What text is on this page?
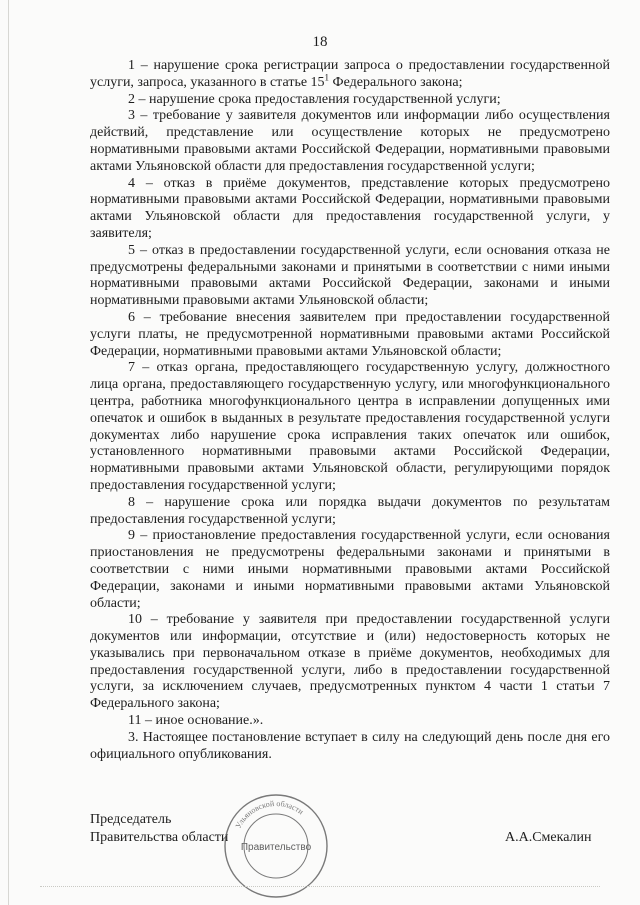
18

1 – нарушение срока регистрации запроса о предоставлении государственной услуги, запроса, указанного в статье $15^1$ Федерального закона;

2 – нарушение срока предоставления государственной услуги;

3 – требование у заявителя документов или информации либо осуществления действий, представление или осуществление которых не предусмотрено нормативными правовыми актами Российской Федерации, нормативными правовыми актами Ульяновской области для предоставления государственной услуги;

4 – отказ в приёме документов, представление которых предусмотрено нормативными правовыми актами Российской Федерации, нормативными правовыми актами Ульяновской области для предоставления государственной услуги, у заявителя;

5 – отказ в предоставлении государственной услуги, если основания отказа не предусмотрены федеральными законами и принятыми в соответствии с ними иными нормативными правовыми актами Российской Федерации, законами и иными нормативными правовыми актами Ульяновской области;

6 – требование внесения заявителем при предоставлении государственной услуги платы, не предусмотренной нормативными правовыми актами Российской Федерации, нормативными правовыми актами Ульяновской области;

7 – отказ органа, предоставляющего государственную услугу, должностного лица органа, предоставляющего государственную услугу, или многофункционального центра, работника многофункционального центра в исправлении допущенных ими опечаток и ошибок в выданных в результате предоставления государственной услуги документах либо нарушение срока исправления таких опечаток или ошибок, установленного нормативными правовыми актами Российской Федерации, нормативными правовыми актами Ульяновской области, регулирующими порядок предоставления государственной услуги;

8 – нарушение срока или порядка выдачи документов по результатам предоставления государственной услуги;

9 – приостановление предоставления государственной услуги, если основания приостановления не предусмотрены федеральными законами и принятыми в соответствии с ними иными нормативными правовыми актами Российской Федерации, законами и иными нормативными правовыми актами Ульяновской области;

10 – требование у заявителя при предоставлении государственной услуги документов или информации, отсутствие и (или) недостоверность которых не указывались при первоначальном отказе в приёме документов, необходимых для предоставления государственной услуги, либо в предоставлении государственной услуги, за исключением случаев, предусмотренных пунктом 4 части 1 статьи 7 Федерального закона;

11 – иное основание.».

3. Настоящее постановление вступает в силу на следующий день после дня его официального опубликования.

Председатель
Правительства области
Ульяновской области
Правительство
А.А.Смекалин
